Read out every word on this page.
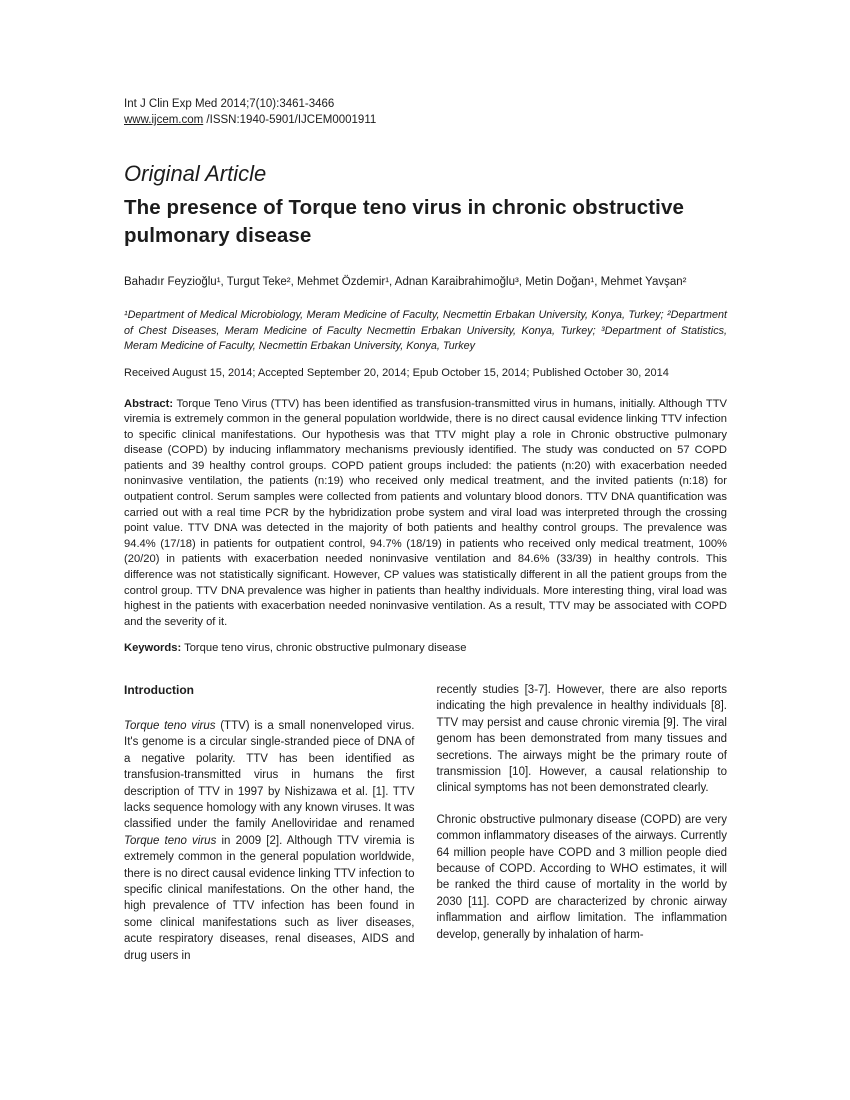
Int J Clin Exp Med 2014;7(10):3461-3466
www.ijcem.com /ISSN:1940-5901/IJCEM0001911
Original Article
The presence of Torque teno virus in chronic obstructive pulmonary disease
Bahadır Feyzioğlu¹, Turgut Teke², Mehmet Özdemir¹, Adnan Karaibrahimoğlu³, Metin Doğan¹, Mehmet Yavşan²
¹Department of Medical Microbiology, Meram Medicine of Faculty, Necmettin Erbakan University, Konya, Turkey; ²Department of Chest Diseases, Meram Medicine of Faculty Necmettin Erbakan University, Konya, Turkey; ³Department of Statistics, Meram Medicine of Faculty, Necmettin Erbakan University, Konya, Turkey
Received August 15, 2014; Accepted September 20, 2014; Epub October 15, 2014; Published October 30, 2014

Abstract: Torque Teno Virus (TTV) has been identified as transfusion-transmitted virus in humans, initially. Although TTV viremia is extremely common in the general population worldwide, there is no direct causal evidence linking TTV infection to specific clinical manifestations. Our hypothesis was that TTV might play a role in Chronic obstructive pulmonary disease (COPD) by inducing inflammatory mechanisms previously identified. The study was conducted on 57 COPD patients and 39 healthy control groups. COPD patient groups included: the patients (n:20) with exacerbation needed noninvasive ventilation, the patients (n:19) who received only medical treatment, and the invited patients (n:18) for outpatient control. Serum samples were collected from patients and voluntary blood donors. TTV DNA quantification was carried out with a real time PCR by the hybridization probe system and viral load was interpreted through the crossing point value. TTV DNA was detected in the majority of both patients and healthy control groups. The prevalence was 94.4% (17/18) in patients for outpatient control, 94.7% (18/19) in patients who received only medical treatment, 100% (20/20) in patients with exacerbation needed noninvasive ventilation and 84.6% (33/39) in healthy controls. This difference was not statistically significant. However, CP values was statistically different in all the patient groups from the control group. TTV DNA prevalence was higher in patients than healthy individuals. More interesting thing, viral load was highest in the patients with exacerbation needed noninvasive ventilation. As a result, TTV may be associated with COPD and the severity of it.

Keywords: Torque teno virus, chronic obstructive pulmonary disease

Introduction

Torque teno virus (TTV) is a small nonenveloped virus. It's genome is a circular single-stranded piece of DNA of a negative polarity. TTV has been identified as transfusion-transmitted virus in humans the first description of TTV in 1997 by Nishizawa et al. [1]. TTV lacks sequence homology with any known viruses. It was classified under the family Anelloviridae and renamed Torque teno virus in 2009 [2]. Although TTV viremia is extremely common in the general population worldwide, there is no direct causal evidence linking TTV infection to specific clinical manifestations. On the other hand, the high prevalence of TTV infection has been found in some clinical manifestations such as liver diseases, acute respiratory diseases, renal diseases, AIDS and drug users in

recently studies [3-7]. However, there are also reports indicating the high prevalence in healthy individuals [8]. TTV may persist and cause chronic viremia [9]. The viral genom has been demonstrated from many tissues and secretions. The airways might be the primary route of transmission [10]. However, a causal relationship to clinical symptoms has not been demonstrated clearly.

Chronic obstructive pulmonary disease (COPD) are very common inflammatory diseases of the airways. Currently 64 million people have COPD and 3 million people died because of COPD. According to WHO estimates, it will be ranked the third cause of mortality in the world by 2030 [11]. COPD are characterized by chronic airway inflammation and airflow limitation. The inflammation develop, generally by inhalation of harm-
